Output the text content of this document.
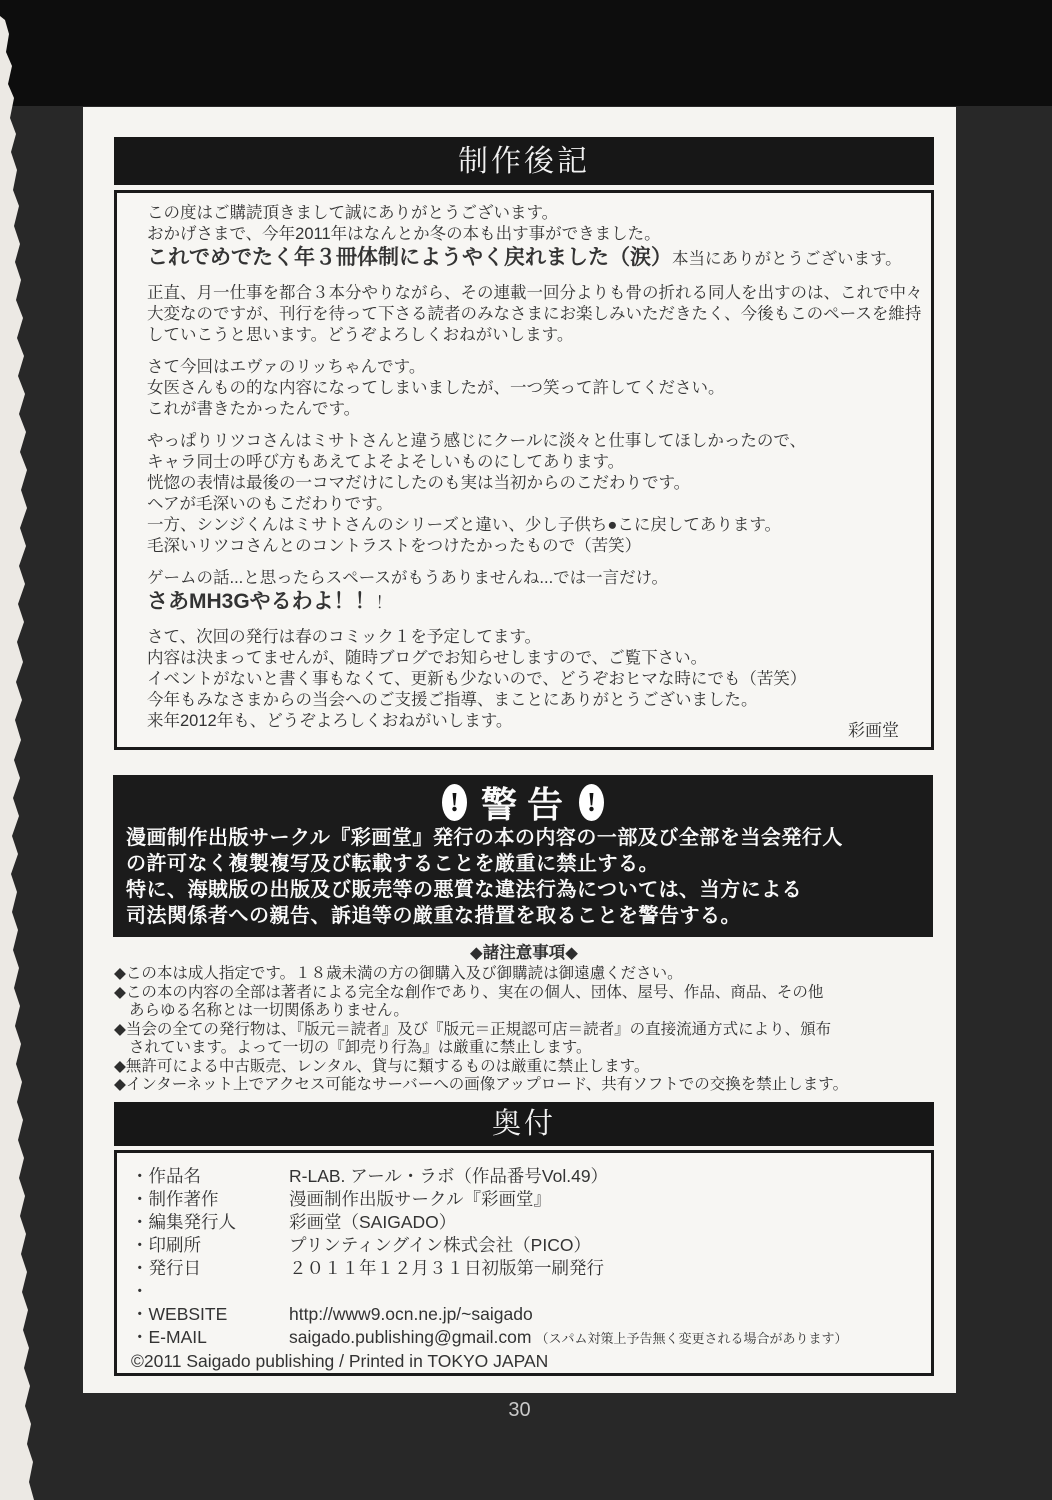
制作後記
この度はご購読頂きまして誠にありがとうございます。
おかげさまで、今年2011年はなんとか冬の本も出す事ができました。
これでめでたく年３冊体制にようやく戻れました（涙）本当にありがとうございます。
正直、月一仕事を都合３本分やりながら、その連載一回分よりも骨の折れる同人を出すのは、これで中々
大変なのですが、刊行を待って下さる読者のみなさまにお楽しみいただきたく、今後もこのペースを維持
していこうと思います。どうぞよろしくおねがいします。
さて今回はエヴァのリッちゃんです。
女医さんもの的な内容になってしまいましたが、一つ笑って許してください。
これが書きたかったんです。
やっぱりリツコさんはミサトさんと違う感じにクールに淡々と仕事してほしかったので、
キャラ同士の呼び方もあえてよそよそしいものにしてあります。
恍惚の表情は最後の一コマだけにしたのも実は当初からのこだわりです。
ヘアが毛深いのもこだわりです。
一方、シンジくんはミサトさんのシリーズと違い、少し子供ち●こに戻してあります。
毛深いリツコさんとのコントラストをつけたかったもので（苦笑）
ゲームの話...と思ったらスペースがもうありませんね...では一言だけ。
さあMH3Gやるわよ！！！
さて、次回の発行は春のコミック１を予定してます。
内容は決まってませんが、随時ブログでお知らせしますので、ご覧下さい。
イベントがないと書く事もなくて、更新も少ないので、どうぞおヒマな時にでも（苦笑）
今年もみなさまからの当会へのご支援ご指導、まことにありがとうございました。
来年2012年も、どうぞよろしくおねがいします。	彩画堂
! 警告 !
漫画制作出版サークル『彩画堂』発行の本の内容の一部及び全部を当会発行人
の許可なく複製複写及び転載することを厳重に禁止する。
特に、海賊版の出版及び販売等の悪質な違法行為については、当方による
司法関係者への親告、訴追等の厳重な措置を取ることを警告する。
◆諸注意事項◆
◆この本は成人指定です。１８歳未満の方の御購入及び御購読は御遠慮ください。
◆この本の内容の全部は著者による完全な創作であり、実在の個人、団体、屋号、作品、商品、その他
あらゆる名称とは一切関係ありません。
◆当会の全ての発行物は、『版元＝読者』及び『版元＝正規認可店＝読者』の直接流通方式により、頒布
されています。よって一切の『卸売り行為』は厳重に禁止します。
◆無許可による中古販売、レンタル、貸与に類するものは厳重に禁止します。
◆インターネット上でアクセス可能なサーバーへの画像アップロード、共有ソフトでの交換を禁止します。
奥付
・作品名	R-LAB. アール・ラボ（作品番号Vol.49）
・制作著作	漫画制作出版サークル『彩画堂』
・編集発行人	彩画堂（SAIGADO）
・印刷所	プリンティングイン株式会社（PICO）
・発行日	２０１１年１２月３１日初版第一刷発行
・
・WEBSITE	http://www9.ocn.ne.jp/~saigado
・E-MAIL	saigado.publishing@gmail.com （スパム対策上予告無く変更される場合があります）
©2011 Saigado publishing / Printed in TOKYO JAPAN
30
